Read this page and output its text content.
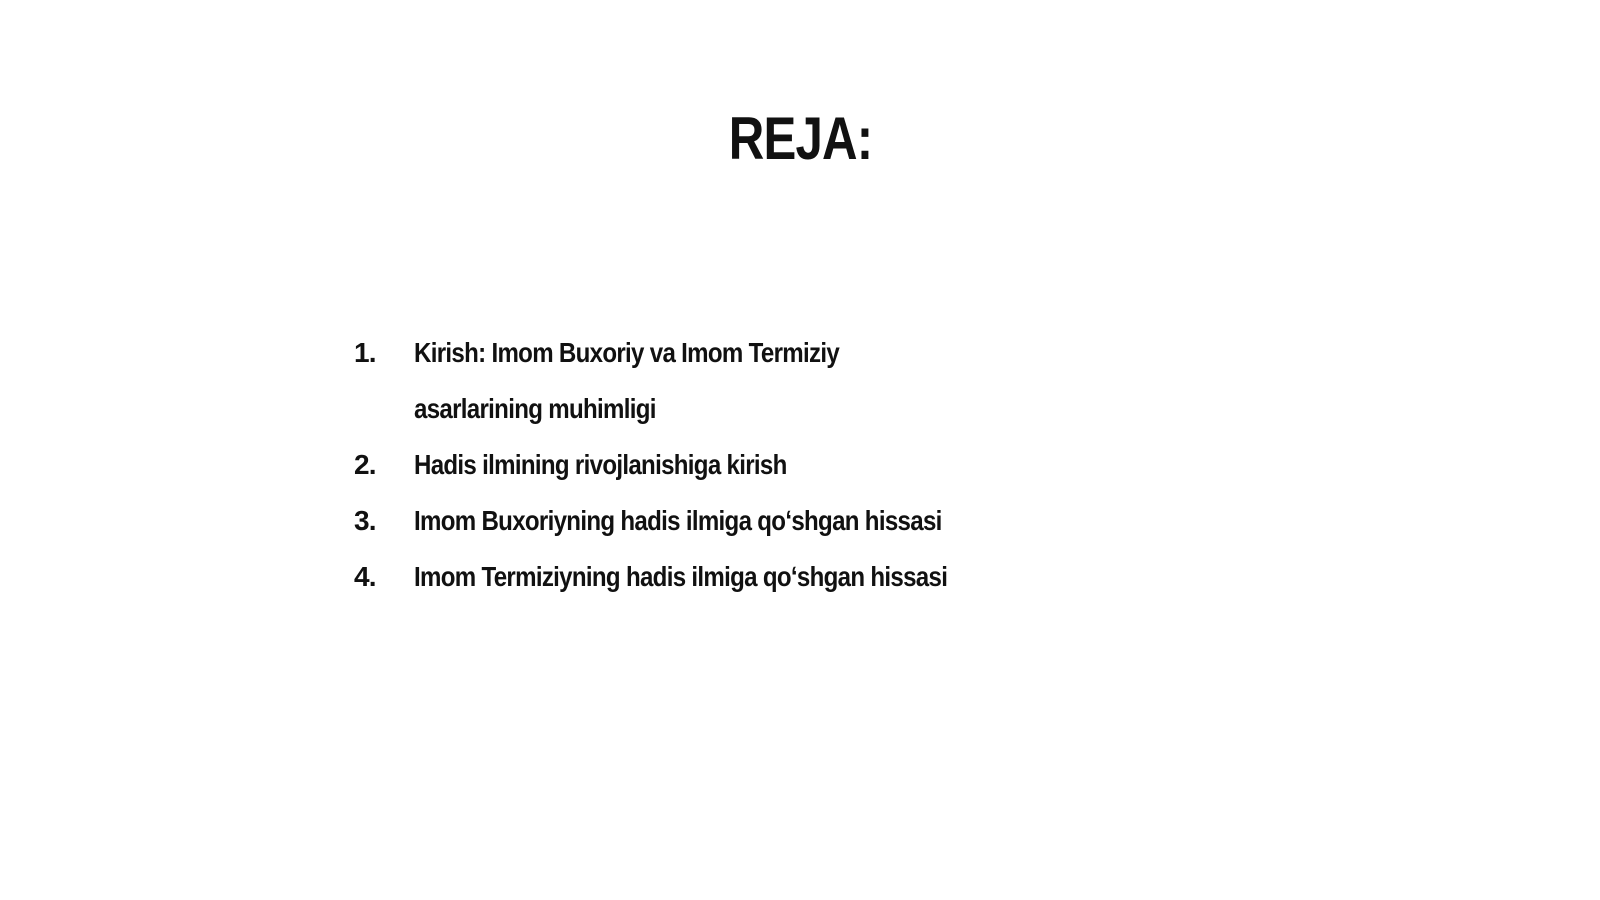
REJA:
1.	Kirish: Imom Buxoriy va Imom Termiziy asarlarining muhimligi
2.	Hadis ilmining rivojlanishiga kirish
3.	Imom Buxoriyning hadis ilmiga qoʻshgan hissasi
4.	Imom Termiziyning hadis ilmiga qoʻshgan hissasi
